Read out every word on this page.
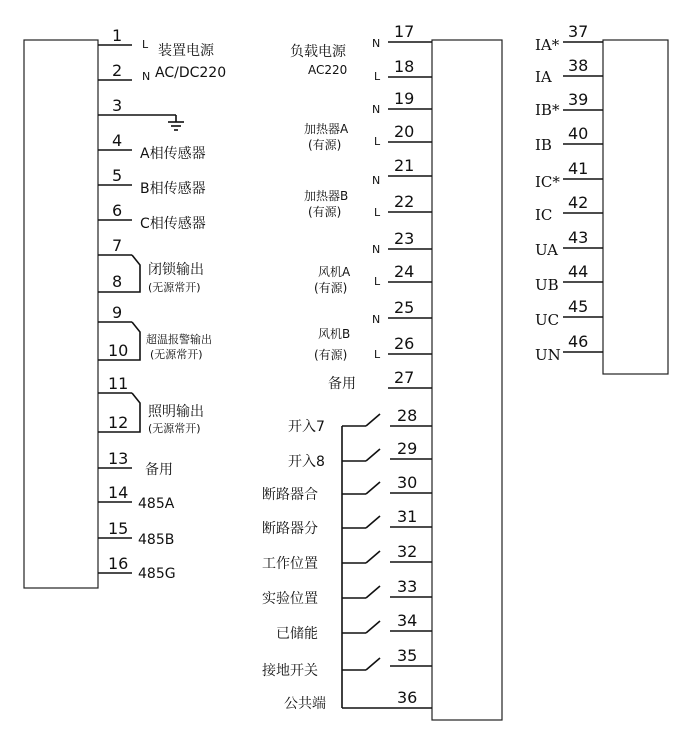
1 L 装置电源
2 N AC/DC220
3
4
A相传感器
5
B相传感器
6
C相传感器
7
8
闭锁输出
(无源常开)
9
10
超温报警输出
(无源常开)
11
12
照明输出
(无源常开)
13
备用
14
485A
15
485B
16
485G
17
N
负载电源
18
L
AC220
19
N
20
L
加热器A
(有源)
21
N
加热器B	22
L
(有源)
23
N
24
L
风机A
(有源)
25
N
风机B	26
L
(有源)
27
备用
36
公共端
28
开入7
29
开入8
30
断路器合
31
断路器分
32
工作位置
33
实验位置
34
已储能
35
接地开关
37
IA*
38
IA
39
IB*
40
IB
41
IC*
42
IC
43
UA
44
UB
45
UC
46
UN
